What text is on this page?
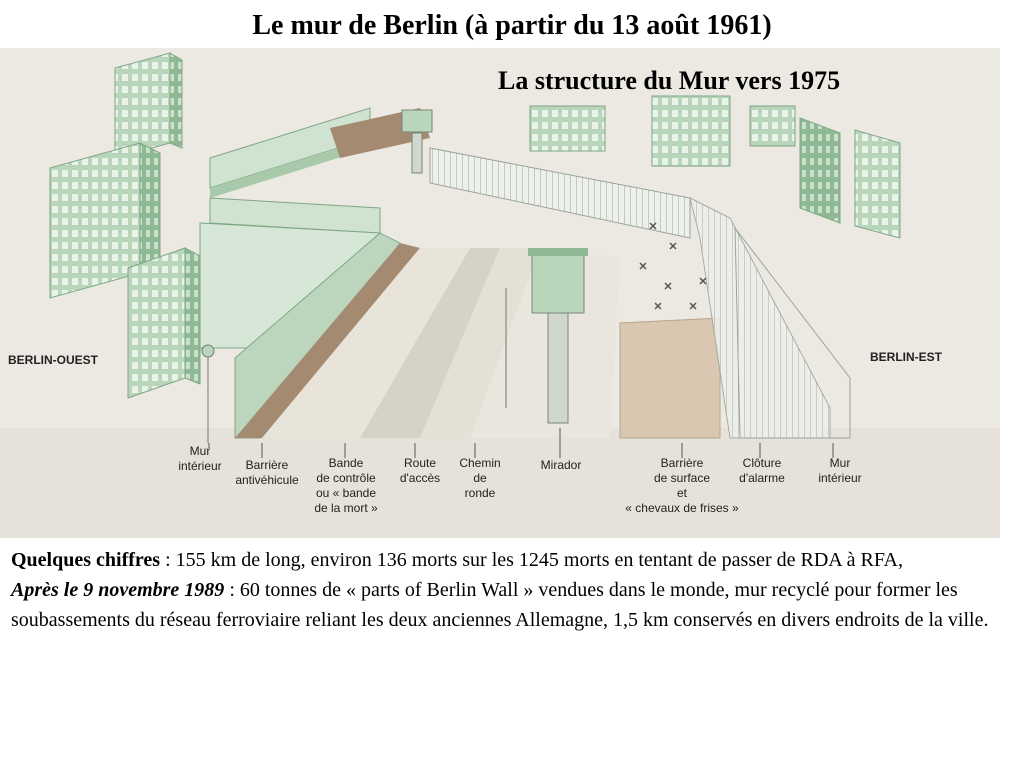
Le mur de Berlin (à partir du 13 août 1961)
La structure du Mur vers 1975
BERLIN-OUEST	BERLIN-EST
Mur
intérieur	Barrière
antivéhicule
Bande
de contrôle
ou « bande
de la mort »
Route
d'accès
Chemin
de
ronde
Mirador	Barrière
de surface
et
« chevaux de frises »
Clôture
d'alarme
Mur
intérieur

Quelques chiffres : 155 km de long, environ 136 morts sur les 1245 morts en tentant de passer de RDA à RFA,

Après le 9 novembre 1989 : 60 tonnes de « parts of Berlin Wall » vendues dans le monde, mur recyclé pour former les soubassements du réseau ferroviaire reliant les deux anciennes Allemagne, 1,5 km conservés en divers endroits de la ville.
